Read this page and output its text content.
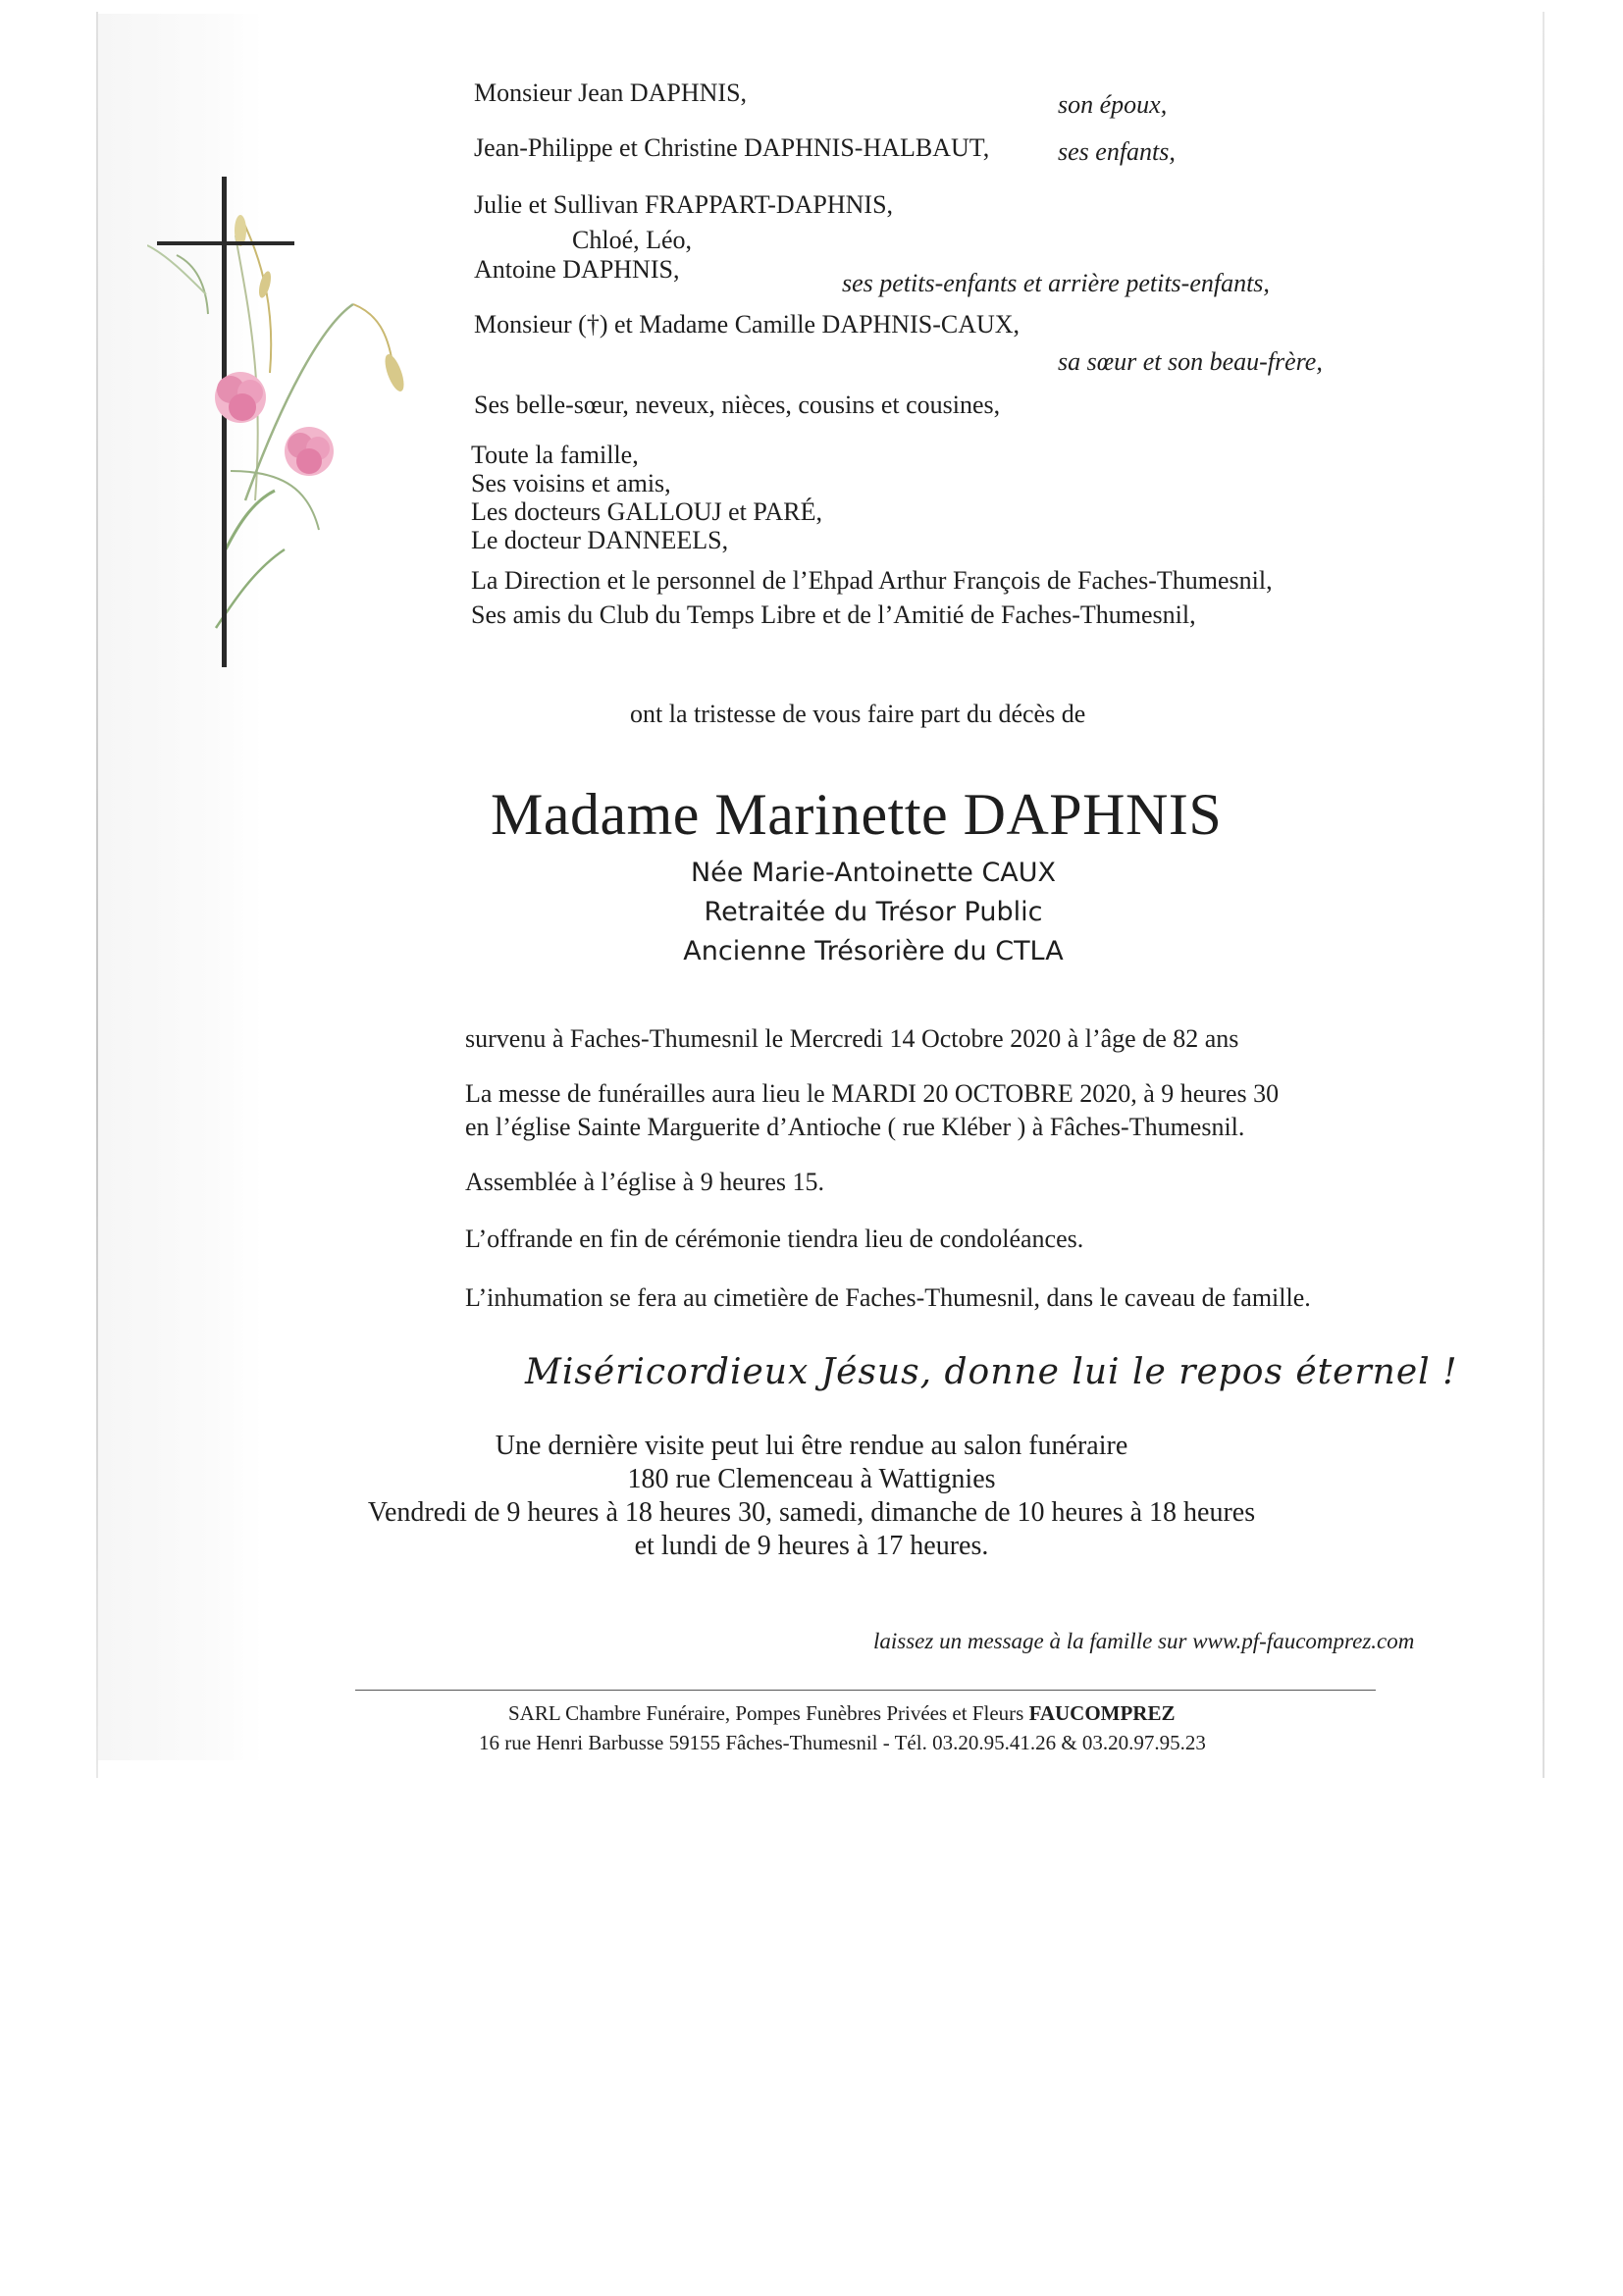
Monsieur Jean DAPHNIS,	son époux,
Jean-Philippe et Christine DAPHNIS-HALBAUT,	ses enfants,
Julie et Sullivan FRAPPART-DAPHNIS,
Chloé, Léo,
Antoine DAPHNIS,	ses petits-enfants et arrière petits-enfants,
Monsieur (†) et Madame Camille DAPHNIS-CAUX,
sa sœur et son beau-frère,
Ses belle-sœur, neveux, nièces, cousins et cousines,
Toute la famille,
Ses voisins et amis,
Les docteurs GALLOUJ et PARÉ,
Le docteur DANNEELS,
La Direction et le personnel de l’Ehpad Arthur François de Faches-Thumesnil,
Ses amis du Club du Temps Libre et de l’Amitié de Faches-Thumesnil,
ont la tristesse de vous faire part du décès de
Madame Marinette DAPHNIS
Née Marie-Antoinette CAUX
Retraitée du Trésor Public
Ancienne Trésorière du CTLA
survenu à Faches-Thumesnil le Mercredi 14 Octobre 2020 à l’âge de 82 ans
La messe de funérailles aura lieu le MARDI 20 OCTOBRE 2020, à 9 heures 30
en l’église Sainte Marguerite d’Antioche ( rue Kléber ) à Fâches-Thumesnil.
Assemblée à l’église à 9 heures 15.
L’offrande en fin de cérémonie tiendra lieu de condoléances.
L’inhumation se fera au cimetière de Faches-Thumesnil, dans le caveau de famille.
Miséricordieux Jésus, donne lui le repos éternel !
Une dernière visite peut lui être rendue au salon funéraire
180 rue Clemenceau à Wattignies
Vendredi de 9 heures à 18 heures 30, samedi, dimanche de 10 heures à 18 heures
et lundi de 9 heures à 17 heures.
laissez un message à la famille sur www.pf-faucomprez.com
SARL Chambre Funéraire, Pompes Funèbres Privées et Fleurs FAUCOMPREZ
16 rue Henri Barbusse 59155 Fâches-Thumesnil - Tél. 03.20.95.41.26 & 03.20.97.95.23
